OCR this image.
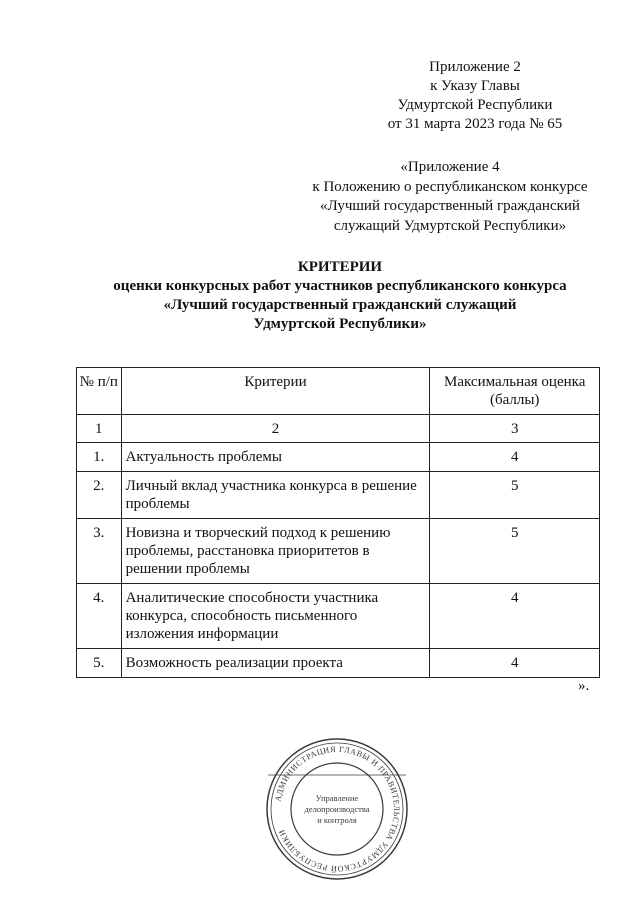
Приложение 2
к Указу Главы
Удмуртской Республики
от 31 марта 2023 года № 65
«Приложение 4
к Положению о республиканском конкурсе
«Лучший государственный гражданский
служащий Удмуртской Республики»
КРИТЕРИИ
оценки конкурсных работ участников республиканского конкурса
«Лучший государственный гражданский служащий
Удмуртской Республики»
№ п/п	Критерии	Максимальная оценка (баллы)
1	2	3
1.	Актуальность проблемы	4
2.	Личный вклад участника конкурса в решение проблемы	5
3.	Новизна и творческий подход к решению проблемы, расстановка приоритетов в решении проблемы	5
4.	Аналитические способности участника конкурса, способность письменного изложения информации	4
5.	Возможность реализации проекта	4
».
АДМИНИСТРАЦИЯ ГЛАВЫ И ПРАВИТЕЛЬСТВА УДМУРТСКОЙ РЕСПУБЛИКИ
Управление
делопроизводства
и контроля
